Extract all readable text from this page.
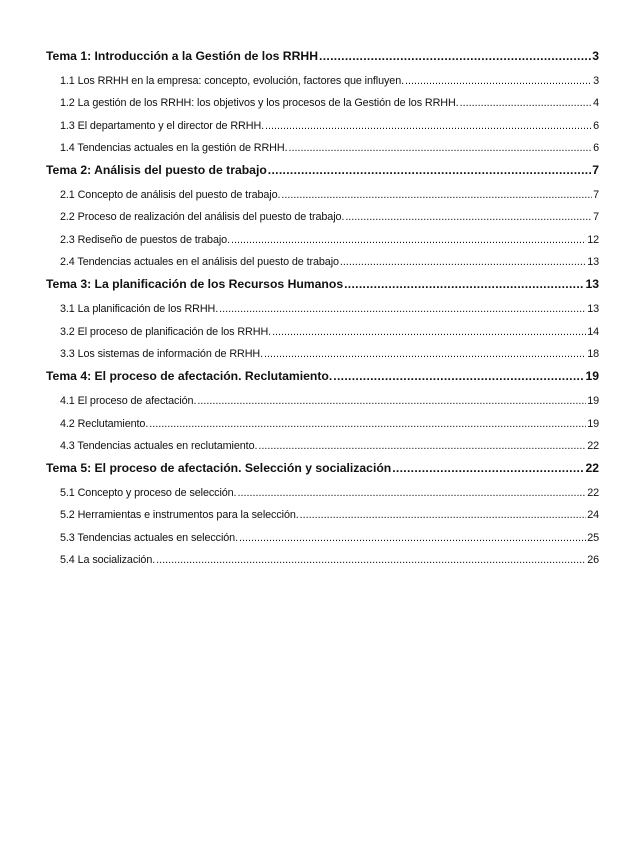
Tema 1: Introducción a la Gestión de los RRHH .....	3
1.1 Los RRHH en la empresa: concepto, evolución, factores que influyen. .....	3
1.2 La gestión de los RRHH: los objetivos y los procesos de la Gestión de los RRHH. .....	4
1.3 El departamento y el director de RRHH. .....	6
1.4 Tendencias actuales en la gestión de RRHH. .....	6
Tema 2: Análisis del puesto de trabajo .....	7
2.1 Concepto de análisis del puesto de trabajo. .....	7
2.2 Proceso de realización del análisis del puesto de trabajo. .....	7
2.3 Rediseño de puestos de trabajo. .....	12
2.4 Tendencias actuales en el análisis del puesto de trabajo .....	13
Tema 3: La planificación de los Recursos Humanos .....	13
3.1 La planificación de los RRHH. .....	13
3.2 El proceso de planificación de los RRHH. .....	14
3.3 Los sistemas de información de RRHH. .....	18
Tema 4: El proceso de afectación. Reclutamiento. .....	19
4.1 El proceso de afectación. .....	19
4.2 Reclutamiento. .....	19
4.3 Tendencias actuales en reclutamiento. .....	22
Tema 5: El proceso de afectación. Selección y socialización .....	22
5.1 Concepto y proceso de selección. .....	22
5.2 Herramientas e instrumentos para la selección. .....	24
5.3 Tendencias actuales en selección. .....	25
5.4 La socialización. .....	26
